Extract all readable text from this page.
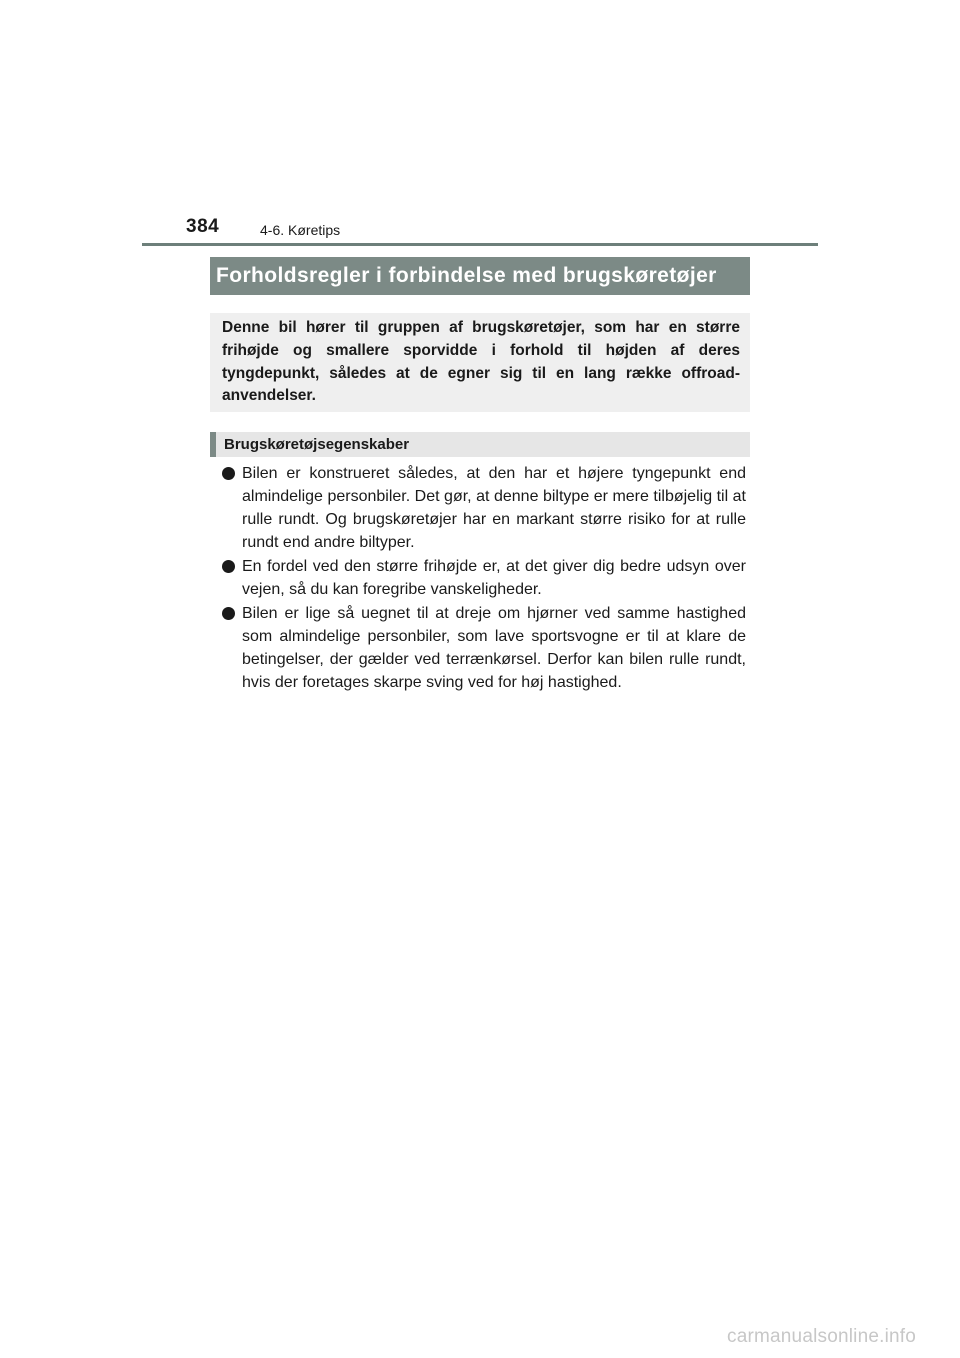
384	4-6. Køretips
Forholdsregler i forbindelse med brugskøretøjer

Denne bil hører til gruppen af brugskøretøjer, som har en større frihøjde og smallere sporvidde i forhold til højden af deres tyngdepunkt, således at de egner sig til en lang række offroad-anvendelser.

Brugskøretøjsegenskaber
Bilen er konstrueret således, at den har et højere tyngepunkt end almindelige personbiler. Det gør, at denne biltype er mere tilbøjelig til at rulle rundt. Og brugskøretøjer har en markant større risiko for at rulle rundt end andre biltyper.
En fordel ved den større frihøjde er, at det giver dig bedre udsyn over vejen, så du kan foregribe vanskeligheder.
Bilen er lige så uegnet til at dreje om hjørner ved samme hastighed som almindelige personbiler, som lave sportsvogne er til at klare de betingelser, der gælder ved terrænkørsel. Derfor kan bilen rulle rundt, hvis der foretages skarpe sving ved for høj hastighed.
carmanualsonline.info
